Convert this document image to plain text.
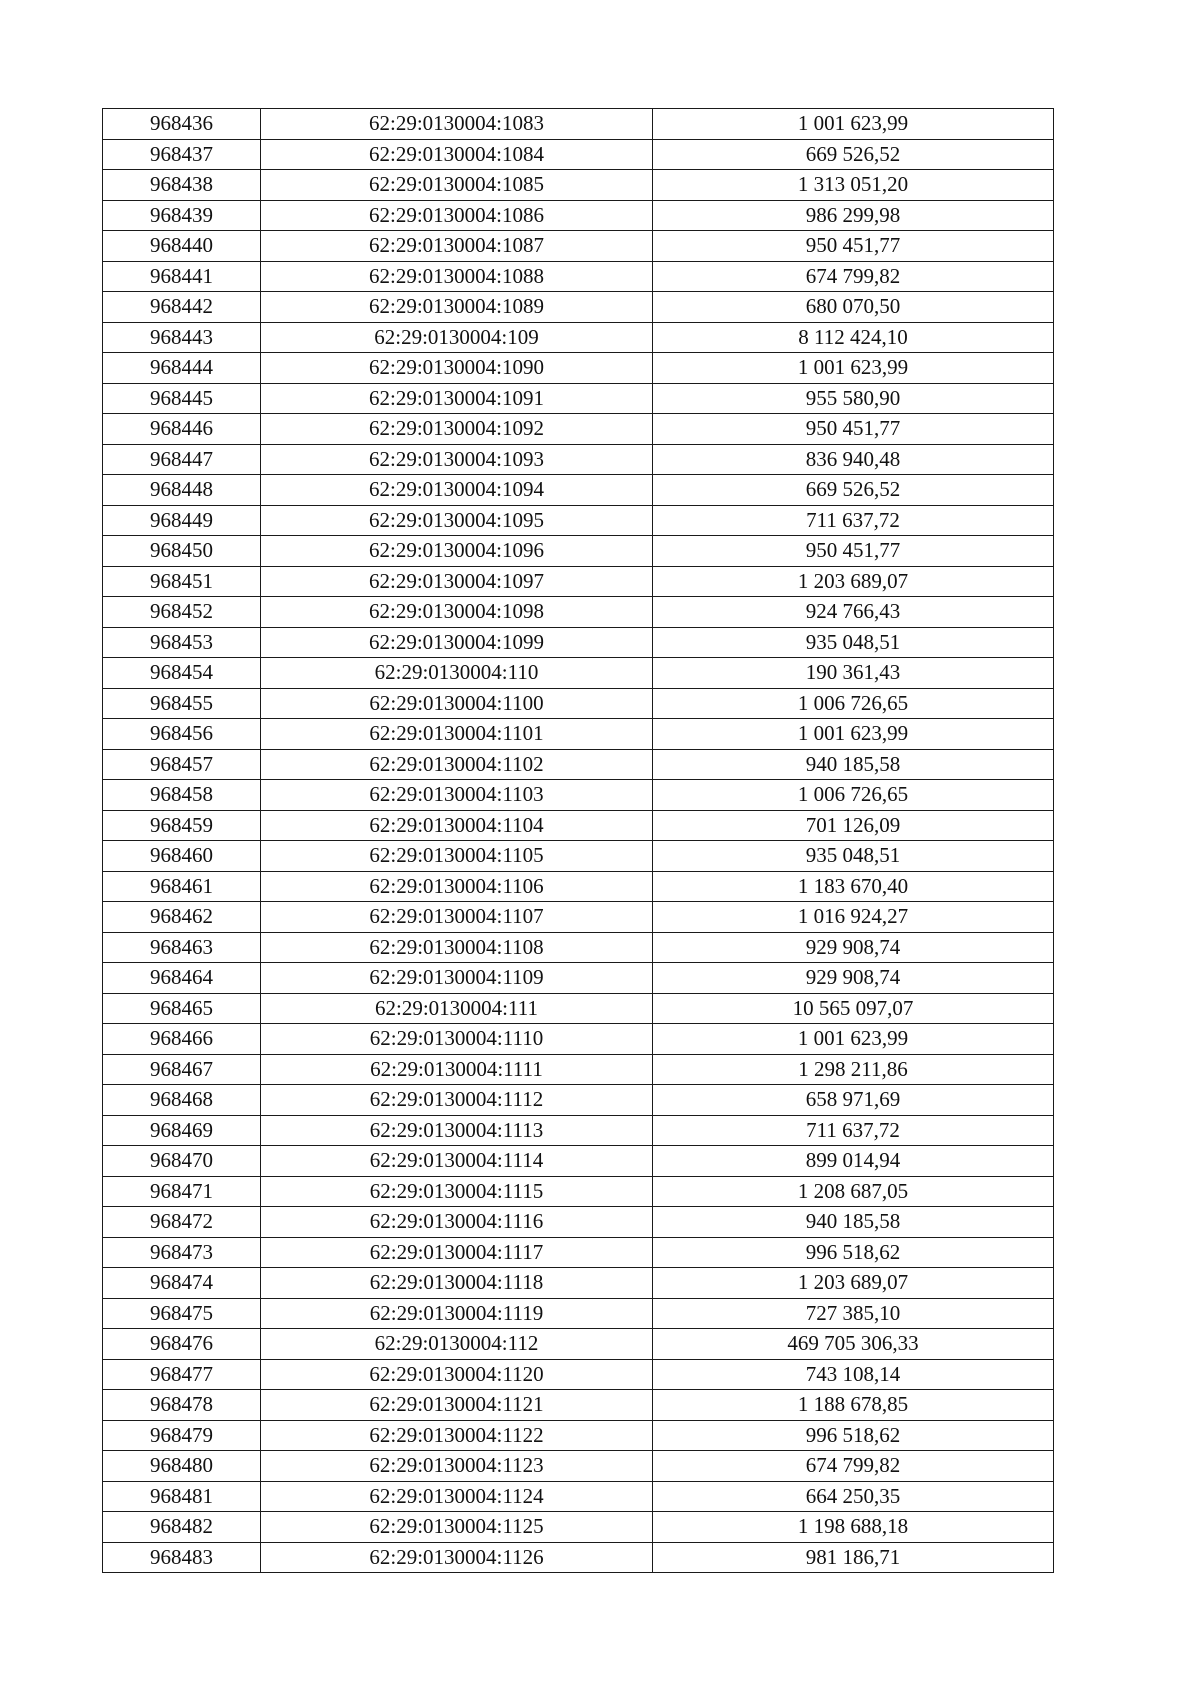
968436	62:29:0130004:1083	1 001 623,99
968437	62:29:0130004:1084	669 526,52
968438	62:29:0130004:1085	1 313 051,20
968439	62:29:0130004:1086	986 299,98
968440	62:29:0130004:1087	950 451,77
968441	62:29:0130004:1088	674 799,82
968442	62:29:0130004:1089	680 070,50
968443	62:29:0130004:109	8 112 424,10
968444	62:29:0130004:1090	1 001 623,99
968445	62:29:0130004:1091	955 580,90
968446	62:29:0130004:1092	950 451,77
968447	62:29:0130004:1093	836 940,48
968448	62:29:0130004:1094	669 526,52
968449	62:29:0130004:1095	711 637,72
968450	62:29:0130004:1096	950 451,77
968451	62:29:0130004:1097	1 203 689,07
968452	62:29:0130004:1098	924 766,43
968453	62:29:0130004:1099	935 048,51
968454	62:29:0130004:110	190 361,43
968455	62:29:0130004:1100	1 006 726,65
968456	62:29:0130004:1101	1 001 623,99
968457	62:29:0130004:1102	940 185,58
968458	62:29:0130004:1103	1 006 726,65
968459	62:29:0130004:1104	701 126,09
968460	62:29:0130004:1105	935 048,51
968461	62:29:0130004:1106	1 183 670,40
968462	62:29:0130004:1107	1 016 924,27
968463	62:29:0130004:1108	929 908,74
968464	62:29:0130004:1109	929 908,74
968465	62:29:0130004:111	10 565 097,07
968466	62:29:0130004:1110	1 001 623,99
968467	62:29:0130004:1111	1 298 211,86
968468	62:29:0130004:1112	658 971,69
968469	62:29:0130004:1113	711 637,72
968470	62:29:0130004:1114	899 014,94
968471	62:29:0130004:1115	1 208 687,05
968472	62:29:0130004:1116	940 185,58
968473	62:29:0130004:1117	996 518,62
968474	62:29:0130004:1118	1 203 689,07
968475	62:29:0130004:1119	727 385,10
968476	62:29:0130004:112	469 705 306,33
968477	62:29:0130004:1120	743 108,14
968478	62:29:0130004:1121	1 188 678,85
968479	62:29:0130004:1122	996 518,62
968480	62:29:0130004:1123	674 799,82
968481	62:29:0130004:1124	664 250,35
968482	62:29:0130004:1125	1 198 688,18
968483	62:29:0130004:1126	981 186,71
